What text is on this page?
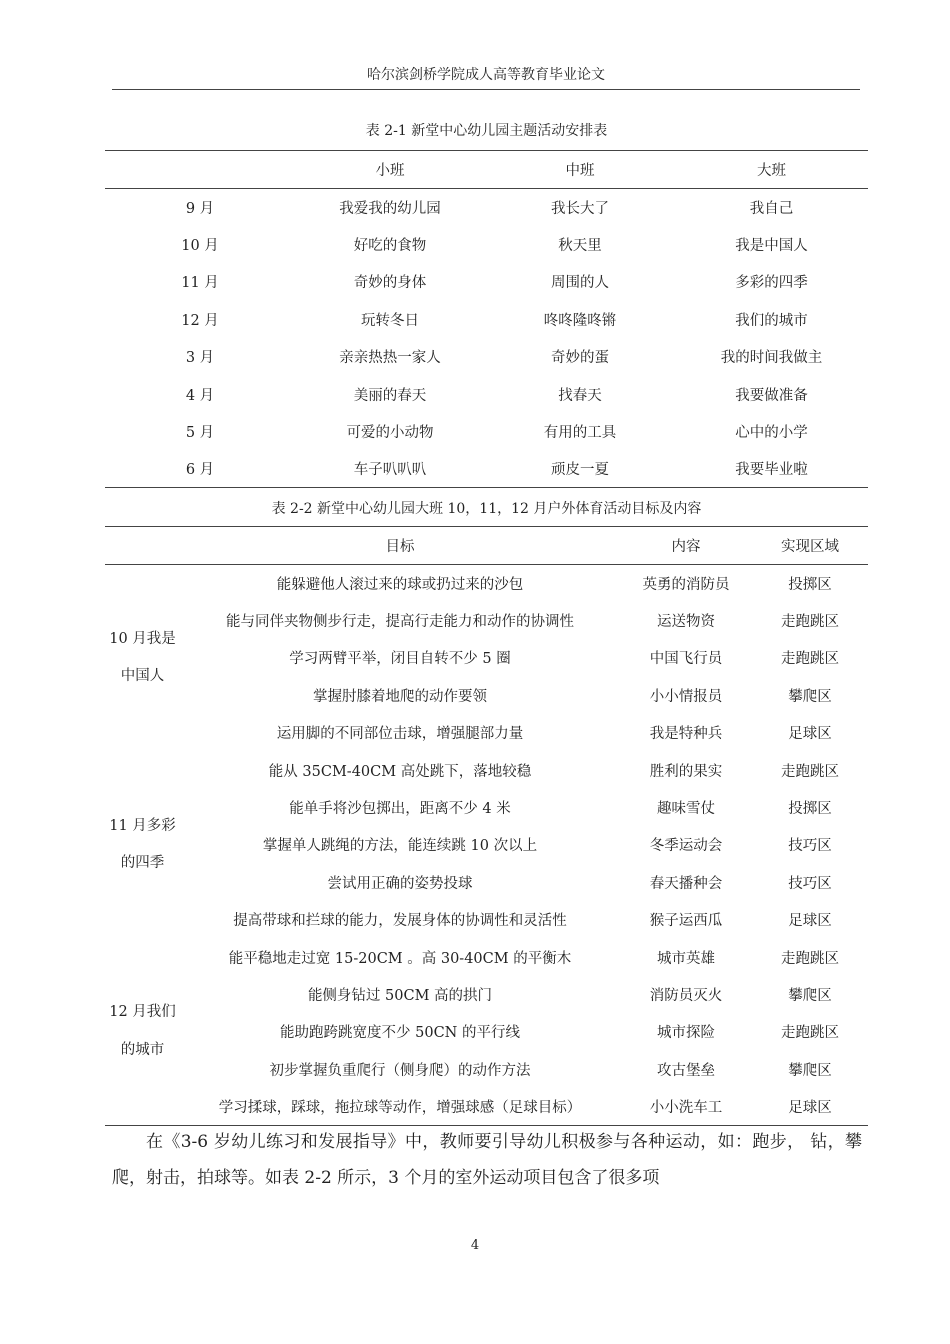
哈尔滨剑桥学院成人高等教育毕业论文
表 2-1 新堂中心幼儿园主题活动安排表
	小班	中班	大班
9 月	我爱我的幼儿园	我长大了	我自己
10 月	好吃的食物	秋天里	我是中国人
11 月	奇妙的身体	周围的人	多彩的四季
12 月	玩转冬日	咚咚隆咚锵	我们的城市
3 月	亲亲热热一家人	奇妙的蛋	我的时间我做主
4 月	美丽的春天	找春天	我要做准备
5 月	可爱的小动物	有用的工具	心中的小学
6 月	车子叭叭叭	顽皮一夏	我要毕业啦
表 2-2 新堂中心幼儿园大班 10，11，12 月户外体育活动目标及内容
	目标	内容	实现区域
10 月我是中国人	能躲避他人滚过来的球或扔过来的沙包	英勇的消防员	投掷区
	能与同伴夹物侧步行走，提高行走能力和动作的协调性	运送物资	走跑跳区
	学习两臂平举，闭目自转不少 5 圈	中国飞行员	走跑跳区
	掌握肘膝着地爬的动作要领	小小情报员	攀爬区
	运用脚的不同部位击球，增强腿部力量	我是特种兵	足球区
11 月多彩的四季	能从 35CM-40CM 高处跳下，落地较稳	胜利的果实	走跑跳区
	能单手将沙包掷出，距离不少 4 米	趣味雪仗	投掷区
	掌握单人跳绳的方法，能连续跳 10 次以上	冬季运动会	技巧区
	尝试用正确的姿势投球	春天播种会	技巧区
	提高带球和拦球的能力，发展身体的协调性和灵活性	猴子运西瓜	足球区
12 月我们的城市	能平稳地走过宽 15-20CM 。高 30-40CM 的平衡木	城市英雄	走跑跳区
	能侧身钻过 50CM 高的拱门	消防员灭火	攀爬区
	能助跑跨跳宽度不少 50CN 的平行线	城市探险	走跑跳区
	初步掌握负重爬行（侧身爬）的动作方法	攻古堡垒	攀爬区
	学习揉球，踩球，拖拉球等动作，增强球感（足球目标）	小小洗车工	足球区
在《3-6 岁幼儿练习和发展指导》中，教师要引导幼儿积极参与各种运动，如：跑步， 钻，攀爬，射击，拍球等。如表 2-2 所示，3 个月的室外运动项目包含了很多项
4
